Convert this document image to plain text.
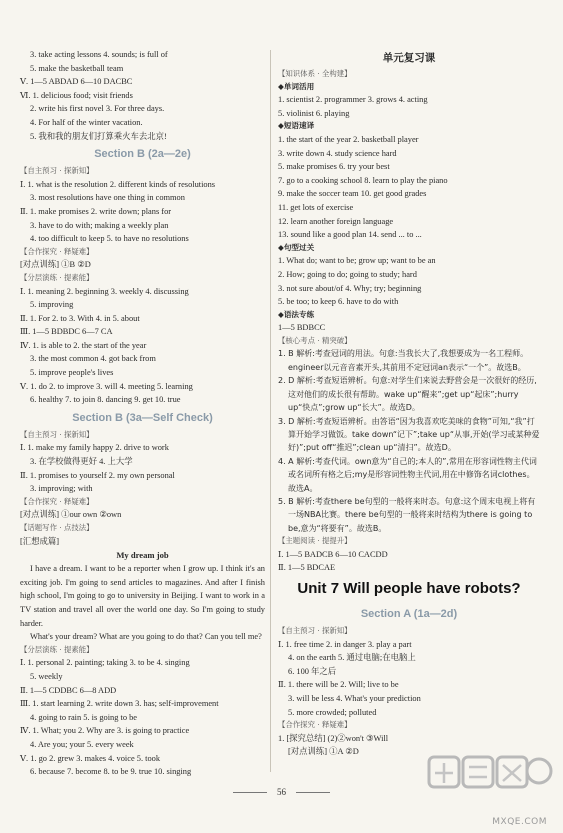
3. take acting lessons 4. sounds; is full of
5. make the basketball team
Ⅴ. 1—5 ABDAD 6—10 DACBC
Ⅵ. 1. delicious food; visit friends
2. write his first novel 3. For three days.
4. For half of the winter vacation.
5. 我和我的朋友们打算乘火车去北京!
Section B (2a—2e)
【自主预习 · 探新知】
Ⅰ. 1. what is the resolution 2. different kinds of resolutions
3. most resolutions have one thing in common
Ⅱ. 1. make promises 2. write down; plans for
3. have to do with; making a weekly plan
4. too difficult to keep 5. to have no resolutions
【合作探究 · 释疑难】
[对点训练] ①B ②D
【分层演练 · 提素能】
Ⅰ. 1. meaning 2. beginning 3. weekly 4. discussing
5. improving
Ⅱ. 1. For 2. to 3. With 4. in 5. about
Ⅲ. 1—5 BDBDC 6—7 CA
Ⅳ. 1. is able to 2. the start of the year
3. the most common 4. got back from
5. improve people's lives
Ⅴ. 1. do 2. to improve 3. will 4. meeting 5. learning
6. healthy 7. to join 8. dancing 9. get 10. true
Section B (3a—Self Check)
【自主预习 · 探新知】
Ⅰ. 1. make my family happy 2. drive to work
3. 在学校做得更好 4. 上大学
Ⅱ. 1. promises to yourself 2. my own personal
3. improving; with
【合作探究 · 释疑难】
[对点训练] ①our own ②own
【话题写作 · 点技法】
[汇想成篇]
My dream job
I have a dream. I want to be a reporter when I grow up. I think it's an exciting job. I'm going to send articles to magazines. And after I finish high school, I'm going to go to university in Beijing. I want to work in a TV station and travel all over the world one day. So I'm going to study harder.
What's your dream? What are you going to do that? Can you tell me?
【分层演练 · 提素能】
Ⅰ. 1. personal 2. painting; taking 3. to be 4. singing
5. weekly
Ⅱ. 1—5 CDDBC 6—8 ADD
Ⅲ. 1. start learning 2. write down 3. has; self-improvement
4. going to rain 5. is going to be
Ⅳ. 1. What; you 2. Why are 3. is going to practice
4. Are you; your 5. every week
Ⅴ. 1. go 2. grew 3. makes 4. voice 5. took
6. because 7. become 8. to be 9. true 10. singing
单元复习课
【知识体系 · 全构建】
◆单词活用
1. scientist 2. programmer 3. grows 4. acting
5. violinist 6. playing
◆短语速译
1. the start of the year 2. basketball player
3. write down 4. study science hard
5. make promises 6. try your best
7. go to a cooking school 8. learn to play the piano
9. make the soccer team 10. get good grades
11. get lots of exercise
12. learn another foreign language
13. sound like a good plan 14. send ... to ...
◆句型过关
1. What do; want to be; grow up; want to be an
2. How; going to do; going to study; hard
3. not sure about/of 4. Why; try; beginning
5. be too; to keep 6. have to do with
◆语法专练
1—5 BDBCC
【核心考点 · 精突破】
1. B 解析:考查冠词的用法。句意:当我长大了,我想要成为一名工程师。engineer以元音音素开头,其前用不定冠词an表示“一个”。故选B。
2. D 解析:考查短语辨析。句意:对学生们来说去野营会是一次很好的经历,这对他们的成长很有帮助。wake up“醒来”;get up“起床”;hurry up“快点”;grow up“长大”。故选D。
3. D 解析:考查短语辨析。由答语“因为我喜欢吃美味的食物”可知,“我”打算开始学习做饭。take down“记下”;take up“从事,开始(学习或某种爱好)”;put off“推迟”;clean up“清扫”。故选D。
4. A 解析:考查代词。own意为“自己的;本人的”,常用在形容词性物主代词或名词所有格之后;my是形容词性物主代词,用在中修饰名词clothes。故选A。
5. B 解析:考查there be句型的一般将来时态。句意:这个周末电视上将有一场NBA比赛。there be句型的一般将来时结构为there is going to be,意为“将要有”。故选B。
【主题阅读 · 提提升】
Ⅰ. 1—5 BADCB 6—10 CACDD
Ⅱ. 1—5 BDCAE
Unit 7 Will people have robots?
Section A (1a—2d)
【自主预习 · 探新知】
Ⅰ. 1. free time 2. in danger 3. play a part
4. on the earth 5. 通过电脑;在电脑上
6. 100 年之后
Ⅱ. 1. there will be 2. Will; live to be
3. will be less 4. What's your prediction
5. more crowded; polluted
【合作探究 · 释疑难】
1. [探究总结] (2)②won't ③Will
[对点训练] ①A ②D
56
MXQE.COM
